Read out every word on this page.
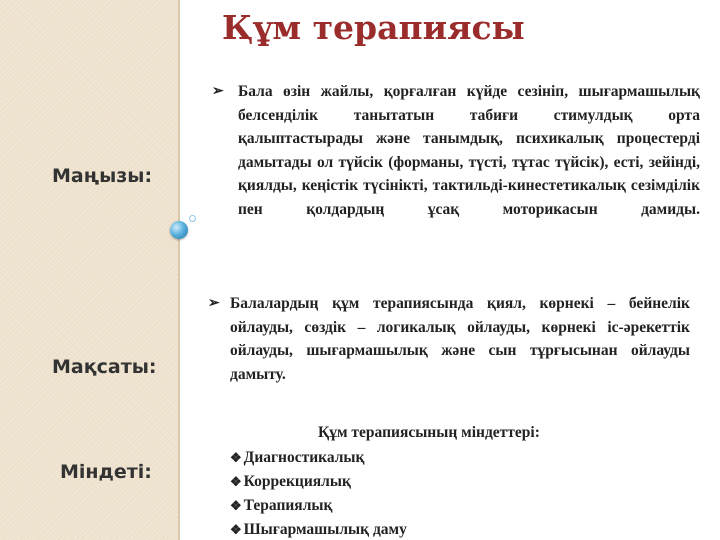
Маңызы:
Мақсаты:
Міндеті:
Құм терапиясы
➢ Бала өзін жайлы, қорғалған күйде сезініп, шығармашылық белсенділік танытатын табиғи стимулдық орта қалыптастырады және танымдық, психикалық процестерді дамытады ол түйсік (форманы, түсті, тұтас түйсік), есті, зейінді, қиялды, кеңістік түсінікті, тактильді-кинестетикалық сезімділік пен қолдардың ұсақ моторикасын дамиды.
➢ Балалардың құм терапиясында қиял, көрнекі – бейнелік ойлауды, сөздік – логикалық ойлауды, көрнекі іс-әрекеттік ойлауды, шығармашылық және сын тұрғысынан ойлауды дамыту.
Құм терапиясының міндеттері:
❖ Диагностикалық
❖ Коррекциялық
❖ Терапиялық
❖ Шығармашылық даму
